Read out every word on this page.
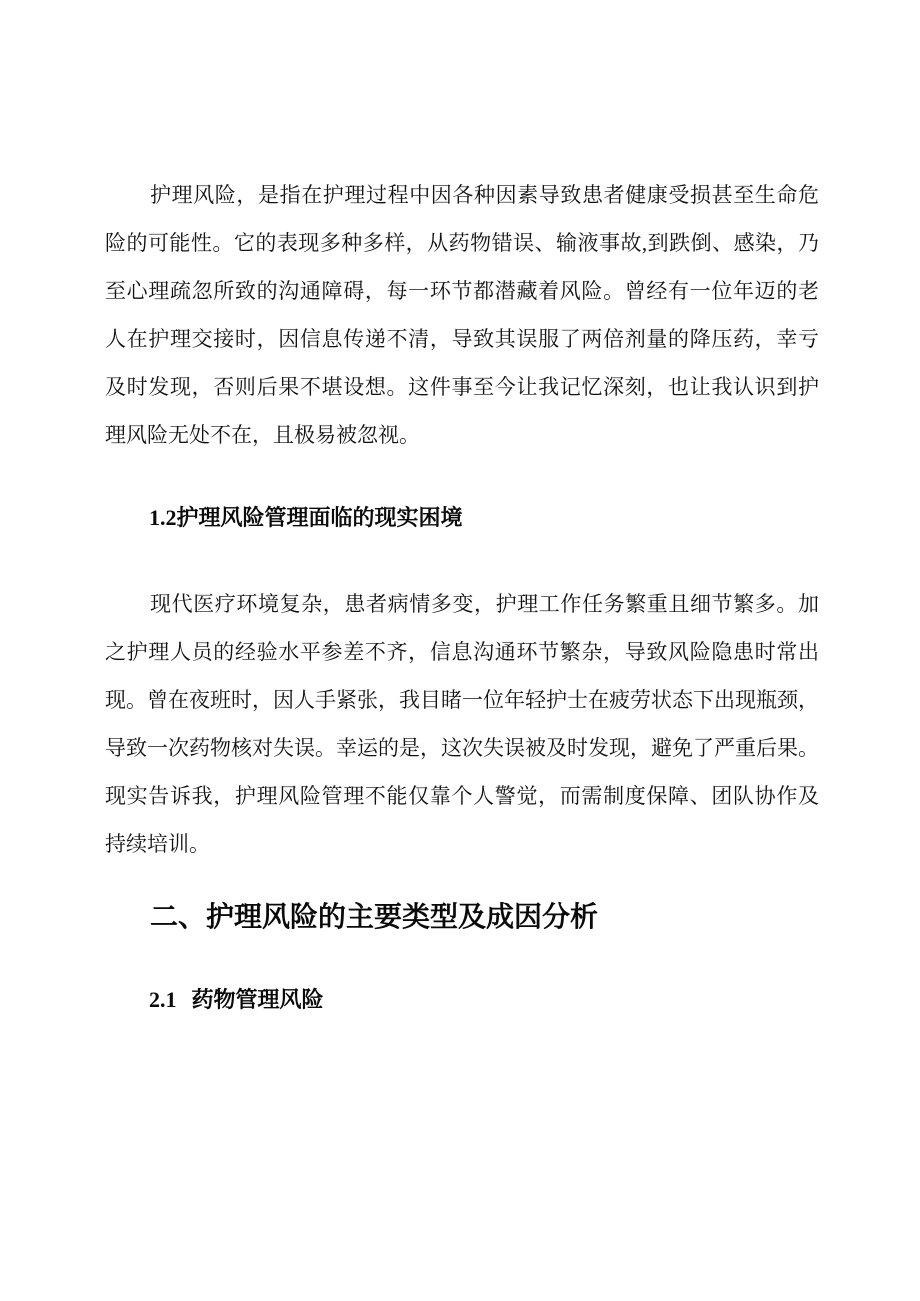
护理风险，是指在护理过程中因各种因素导致患者健康受损甚至生命危
险的可能性。它的表现多种多样，从药物错误、输液事故,到跌倒、感染，乃
至心理疏忽所致的沟通障碍，每一环节都潜藏着风险。曾经有一位年迈的老
人在护理交接时，因信息传递不清，导致其误服了两倍剂量的降压药，幸亏
及时发现，否则后果不堪设想。这件事至今让我记忆深刻，也让我认识到护
理风险无处不在，且极易被忽视。
1.2护理风险管理面临的现实困境
现代医疗环境复杂，患者病情多变，护理工作任务繁重且细节繁多。加
之护理人员的经验水平参差不齐，信息沟通环节繁杂，导致风险隐患时常出
现。曾在夜班时，因人手紧张，我目睹一位年轻护士在疲劳状态下出现瓶颈，
导致一次药物核对失误。幸运的是，这次失误被及时发现，避免了严重后果。
现实告诉我，护理风险管理不能仅靠个人警觉，而需制度保障、团队协作及
持续培训。
二、护理风险的主要类型及成因分析
2.1 药物管理风险
